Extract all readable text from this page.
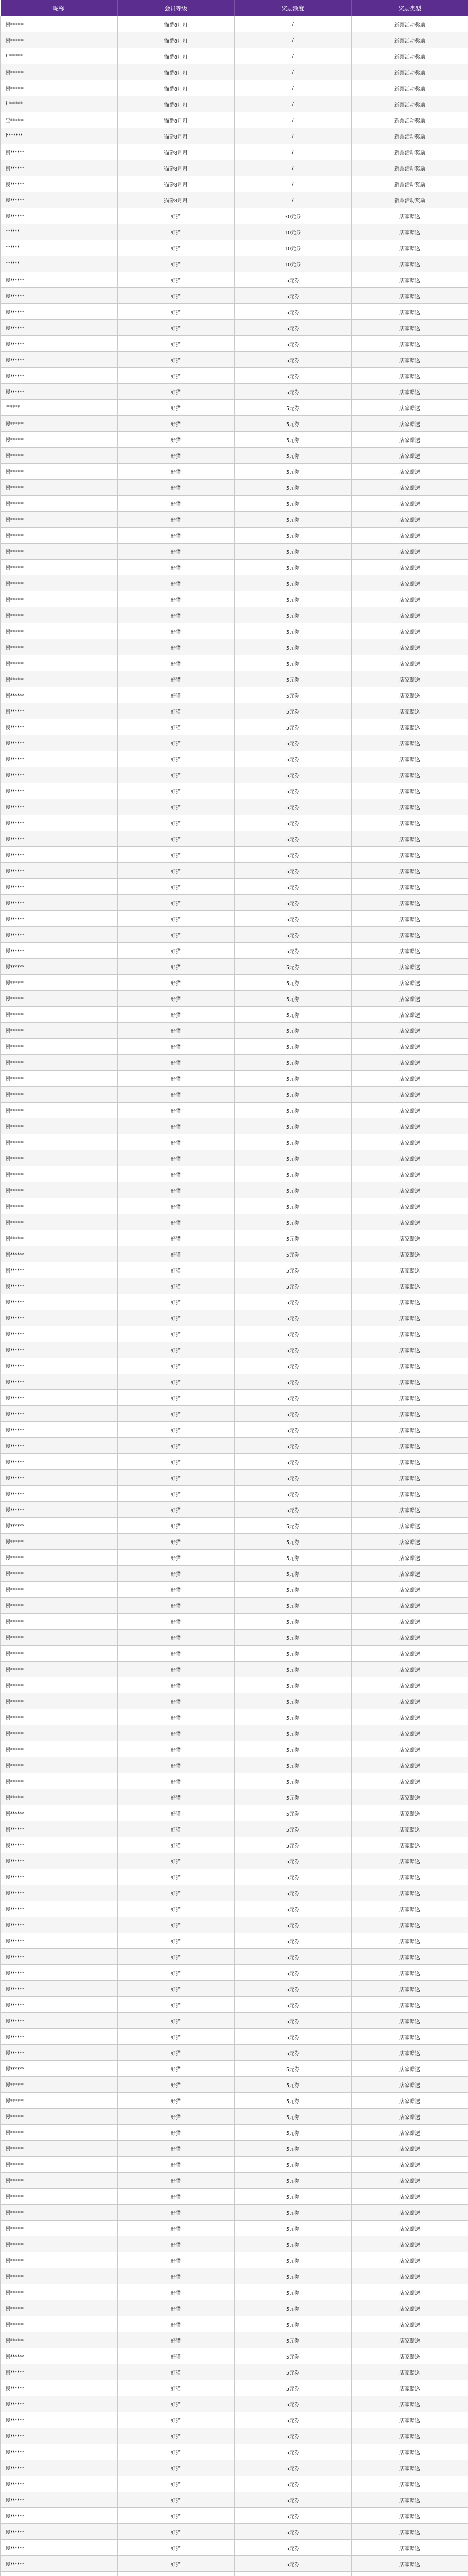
昵称	会员等级	奖励额度	奖励类型
慢******	猫爵8月月	/	新票活动奖励
慢******	猫爵8月月	/	新票活动奖励
h******	猫爵8月月	/	新票活动奖励
慢******	猫爵8月月	/	新票活动奖励
慢******	猫爵8月月	/	新票活动奖励
h******	猫爵8月月	/	新票活动奖励
宝******	猫爵8月月	/	新票活动奖励
h******	猫爵8月月	/	新票活动奖励
慢******	猫爵8月月	/	新票活动奖励
慢******	猫爵8月月	/	新票活动奖励
慢******	猫爵8月月	/	新票活动奖励
慢******	猫爵8月月	/	新票活动奖励
慢******	好猫	30元券	店家赠送
******	好猫	10元券	店家赠送
******	好猫	10元券	店家赠送
******	好猫	10元券	店家赠送
慢******	好猫	5元券	店家赠送
慢******	好猫	5元券	店家赠送
慢******	好猫	5元券	店家赠送
慢******	好猫	5元券	店家赠送
慢******	好猫	5元券	店家赠送
慢******	好猫	5元券	店家赠送
慢******	好猫	5元券	店家赠送
慢******	好猫	5元券	店家赠送
******	好猫	5元券	店家赠送
慢******	好猫	5元券	店家赠送
慢******	好猫	5元券	店家赠送
慢******	好猫	5元券	店家赠送
慢******	好猫	5元券	店家赠送
慢******	好猫	5元券	店家赠送
慢******	好猫	5元券	店家赠送
慢******	好猫	5元券	店家赠送
慢******	好猫	5元券	店家赠送
慢******	好猫	5元券	店家赠送
慢******	好猫	5元券	店家赠送
慢******	好猫	5元券	店家赠送
慢******	好猫	5元券	店家赠送
慢******	好猫	5元券	店家赠送
慢******	好猫	5元券	店家赠送
慢******	好猫	5元券	店家赠送
慢******	好猫	5元券	店家赠送
慢******	好猫	5元券	店家赠送
慢******	好猫	5元券	店家赠送
慢******	好猫	5元券	店家赠送
慢******	好猫	5元券	店家赠送
慢******	好猫	5元券	店家赠送
慢******	好猫	5元券	店家赠送
慢******	好猫	5元券	店家赠送
慢******	好猫	5元券	店家赠送
慢******	好猫	5元券	店家赠送
慢******	好猫	5元券	店家赠送
慢******	好猫	5元券	店家赠送
慢******	好猫	5元券	店家赠送
慢******	好猫	5元券	店家赠送
慢******	好猫	5元券	店家赠送
慢******	好猫	5元券	店家赠送
慢******	好猫	5元券	店家赠送
慢******	好猫	5元券	店家赠送
慢******	好猫	5元券	店家赠送
慢******	好猫	5元券	店家赠送
慢******	好猫	5元券	店家赠送
慢******	好猫	5元券	店家赠送
慢******	好猫	5元券	店家赠送
慢******	好猫	5元券	店家赠送
慢******	好猫	5元券	店家赠送
慢******	好猫	5元券	店家赠送
慢******	好猫	5元券	店家赠送
慢******	好猫	5元券	店家赠送
慢******	好猫	5元券	店家赠送
慢******	好猫	5元券	店家赠送
慢******	好猫	5元券	店家赠送
慢******	好猫	5元券	店家赠送
慢******	好猫	5元券	店家赠送
慢******	好猫	5元券	店家赠送
慢******	好猫	5元券	店家赠送
慢******	好猫	5元券	店家赠送
慢******	好猫	5元券	店家赠送
慢******	好猫	5元券	店家赠送
慢******	好猫	5元券	店家赠送
慢******	好猫	5元券	店家赠送
慢******	好猫	5元券	店家赠送
慢******	好猫	5元券	店家赠送
慢******	好猫	5元券	店家赠送
慢******	好猫	5元券	店家赠送
慢******	好猫	5元券	店家赠送
慢******	好猫	5元券	店家赠送
慢******	好猫	5元券	店家赠送
慢******	好猫	5元券	店家赠送
慢******	好猫	5元券	店家赠送
慢******	好猫	5元券	店家赠送
慢******	好猫	5元券	店家赠送
慢******	好猫	5元券	店家赠送
慢******	好猫	5元券	店家赠送
慢******	好猫	5元券	店家赠送
慢******	好猫	5元券	店家赠送
慢******	好猫	5元券	店家赠送
慢******	好猫	5元券	店家赠送
慢******	好猫	5元券	店家赠送
慢******	好猫	5元券	店家赠送
慢******	好猫	5元券	店家赠送
慢******	好猫	5元券	店家赠送
慢******	好猫	5元券	店家赠送
慢******	好猫	5元券	店家赠送
慢******	好猫	5元券	店家赠送
慢******	好猫	5元券	店家赠送
慢******	好猫	5元券	店家赠送
慢******	好猫	5元券	店家赠送
慢******	好猫	5元券	店家赠送
慢******	好猫	5元券	店家赠送
慢******	好猫	5元券	店家赠送
慢******	好猫	5元券	店家赠送
慢******	好猫	5元券	店家赠送
慢******	好猫	5元券	店家赠送
慢******	好猫	5元券	店家赠送
慢******	好猫	5元券	店家赠送
慢******	好猫	5元券	店家赠送
慢******	好猫	5元券	店家赠送
慢******	好猫	5元券	店家赠送
慢******	好猫	5元券	店家赠送
慢******	好猫	5元券	店家赠送
慢******	好猫	5元券	店家赠送
慢******	好猫	5元券	店家赠送
慢******	好猫	5元券	店家赠送
慢******	好猫	5元券	店家赠送
慢******	好猫	5元券	店家赠送
慢******	好猫	5元券	店家赠送
慢******	好猫	5元券	店家赠送
慢******	好猫	5元券	店家赠送
慢******	好猫	5元券	店家赠送
慢******	好猫	5元券	店家赠送
慢******	好猫	5元券	店家赠送
慢******	好猫	5元券	店家赠送
慢******	好猫	5元券	店家赠送
慢******	好猫	5元券	店家赠送
慢******	好猫	5元券	店家赠送
慢******	好猫	5元券	店家赠送
慢******	好猫	5元券	店家赠送
慢******	好猫	5元券	店家赠送
慢******	好猫	5元券	店家赠送
慢******	好猫	5元券	店家赠送
慢******	好猫	5元券	店家赠送
慢******	好猫	5元券	店家赠送
慢******	好猫	5元券	店家赠送
慢******	好猫	5元券	店家赠送
慢******	好猫	5元券	店家赠送
慢******	好猫	5元券	店家赠送
慢******	好猫	5元券	店家赠送
慢******	好猫	5元券	店家赠送
慢******	好猫	5元券	店家赠送
慢******	好猫	5元券	店家赠送
慢******	好猫	5元券	店家赠送
慢******	好猫	5元券	店家赠送
慢******	好猫	5元券	店家赠送
慢******	好猫	5元券	店家赠送
慢******	好猫	5元券	店家赠送
慢******	好猫	5元券	店家赠送
慢******	好猫	5元券	店家赠送
慢******	好猫	5元券	店家赠送
慢******	好猫	5元券	店家赠送
慢******	好猫	5元券	店家赠送
